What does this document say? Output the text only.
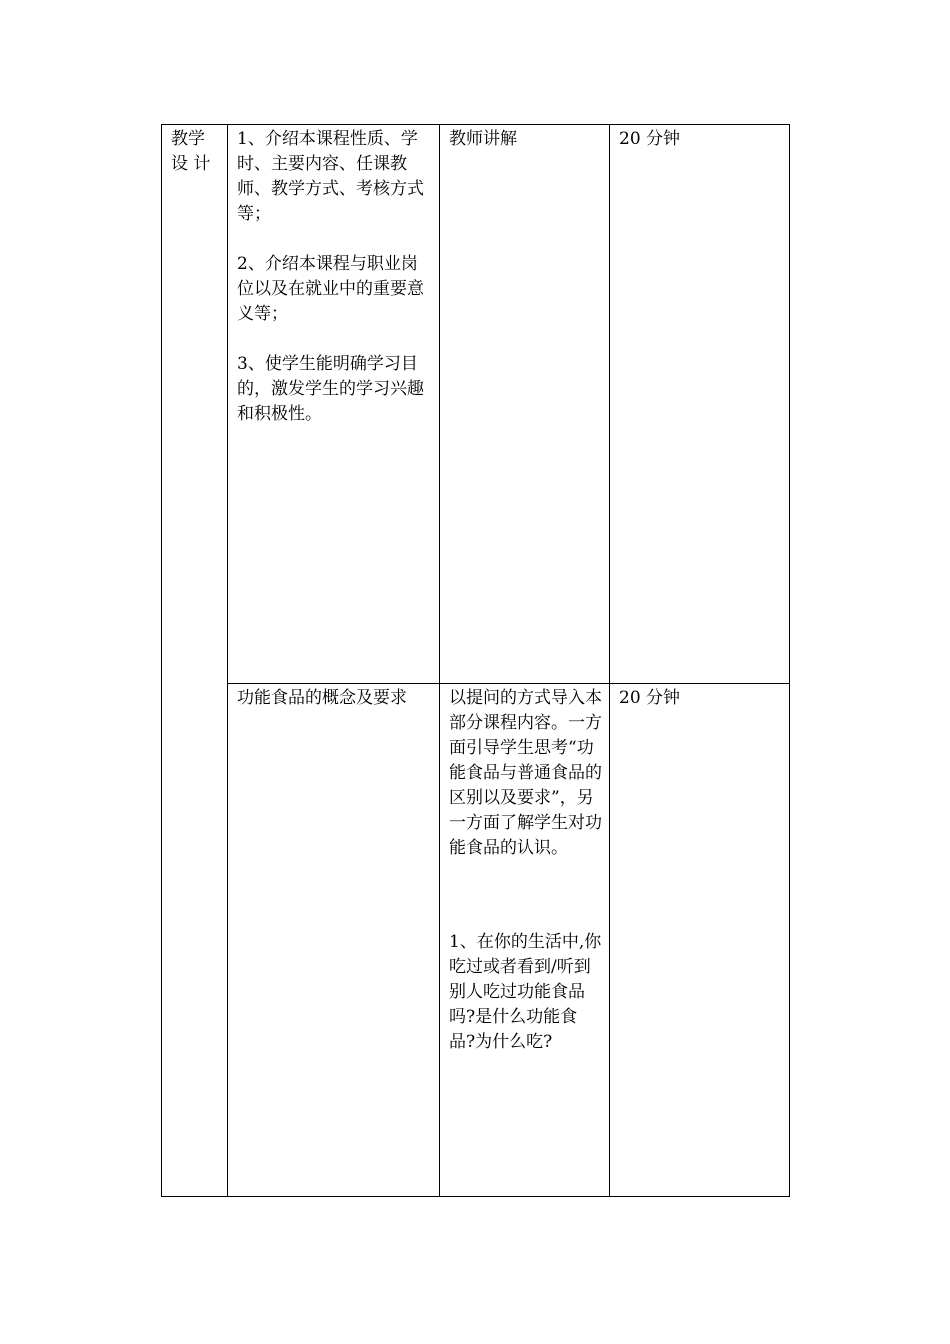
教学
设 计	1、介绍本课程性质、学时、主要内容、任课教师、教学方式、考核方式等；
2、介绍本课程与职业岗位以及在就业中的重要意义等；
3、使学生能明确学习目的，激发学生的学习兴趣和积极性。	教师讲解	20 分钟

	功能食品的概念及要求	以提问的方式导入本部分课程内容。一方面引导学生思考“功能食品与普通食品的区别以及要求”，另一方面了解学生对功能食品的认识。
1、在你的生活中,你吃过或者看到/听到别人吃过功能食品吗?是什么功能食品?为什么吃?	20 分钟
